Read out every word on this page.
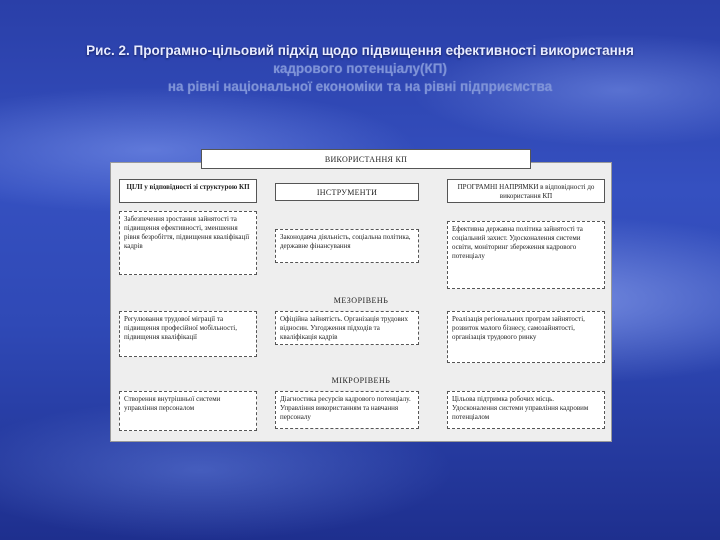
Рис. 2. Програмно-цільовий підхід щодо підвищення ефективності використання
кадрового потенціалу(КП)
на рівні національної економіки та на рівні підприємства
ВИКОРИСТАННЯ КП
ЦІЛІ у відповідності зі структурою КП
ІНСТРУМЕНТИ
ПРОГРАМНІ НАПРЯМКИ в відповідності до використання КП
Забезпечення зростання зайнятості та підвищення ефективності, зменшення рівня безробіття, підвищення кваліфікації кадрів
Законодавча діяльність, соціальна політика, державне фінансування
Ефективна державна політика зайнятості та соціальний захист. Удосконалення системи освіти, моніторинг збереження кадрового потенціалу
МЕЗОРІВЕНЬ
Регулювання трудової міграції та підвищення професійної мобільності, підвищення кваліфікації
Офіційна зайнятість. Організація трудових відносин. Узгодження підходів та кваліфікація кадрів
Реалізація регіональних програм зайнятості, розвиток малого бізнесу, самозайнятості, організація трудового ринку
МІКРОРІВЕНЬ
Створення внутрішньої системи управління персоналом
Діагностика ресурсів кадрового потенціалу. Управління використанням та навчання персоналу
Цільова підтримка робочих місць. Удосконалення системи управління кадровим потенціалом
